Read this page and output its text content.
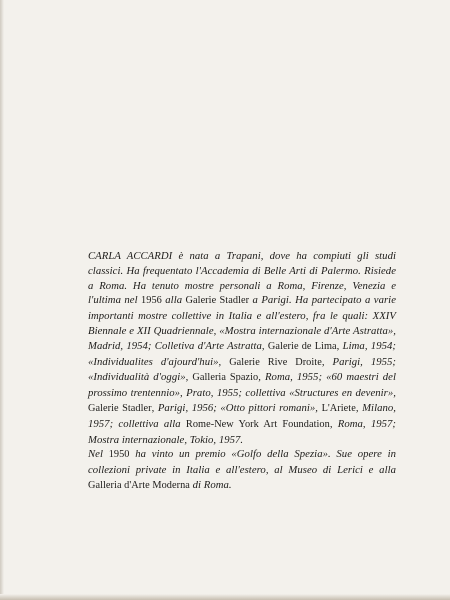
CARLA ACCARDI è nata a Trapani, dove ha compiuti gli studi classici. Ha frequentato l'Accademia di Belle Arti di Palermo. Risiede a Roma. Ha tenuto mostre personali a Roma, Firenze, Venezia e l'ultima nel 1956 alla Galerie Stadler a Parigi. Ha partecipato a varie importanti mostre collettive in Italia e all'estero, fra le quali: XXIV Biennale e XII Quadriennale, «Mostra internazionale d'Arte Astratta», Madrid, 1954; Colletiva d'Arte Astratta, Galerie de Lima, Lima, 1954; «Individualites d'ajourd'hui», Galerie Rive Droite, Parigi, 1955; «Individualità d'oggi», Galleria Spazio, Roma, 1955; «60 maestri del prossimo trentennio», Prato, 1955; collettiva «Structures en devenir», Galerie Stadler, Parigi, 1956; «Otto pittori romani», L'Ariete, Milano, 1957; collettiva alla Rome-New York Art Foundation, Roma, 1957; Mostra internazionale, Tokio, 1957.

Nel 1950 ha vinto un premio «Golfo della Spezia». Sue opere in collezioni private in Italia e all'estero, al Museo di Lerici e alla Galleria d'Arte Moderna di Roma.
